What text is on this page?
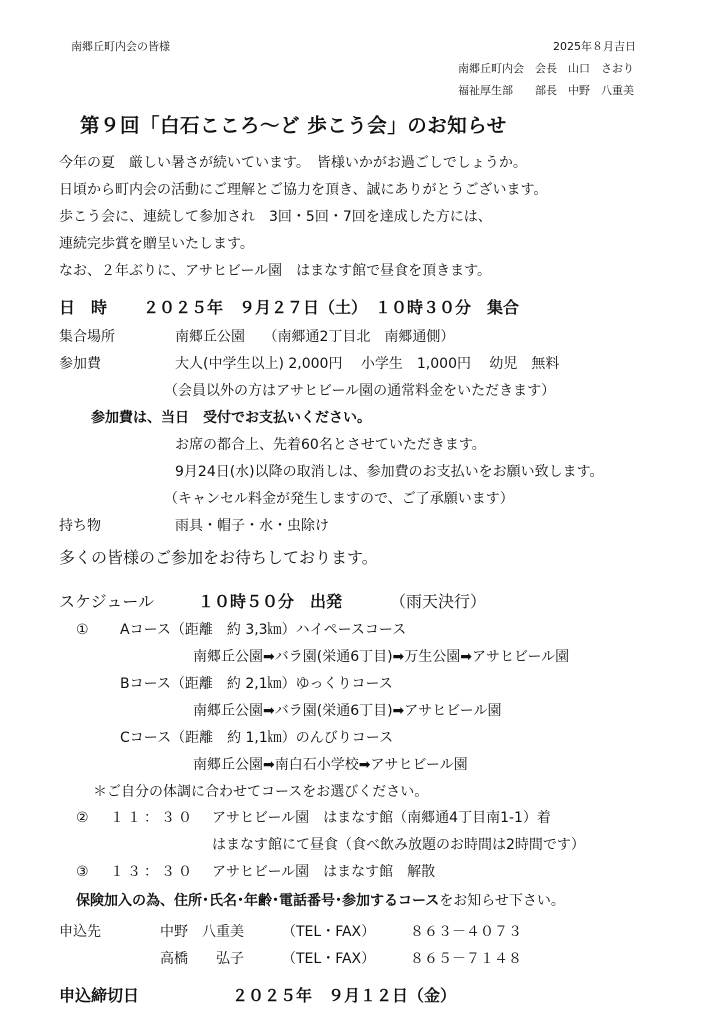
南郷丘町内会の皆様	2025年８月吉日
南郷丘町内会　会長　山口　さおり
福祉厚生部　　部長　中野　八重美
第９回「白石こころ～ど 歩こう会」のお知らせ
今年の夏　厳しい暑さが続いています。　皆様いかがお過ごしでしょうか。
日頃から町内会の活動にご理解とご協力を頂き、誠にありがとうございます。
歩こう会に、連続して参加され　3回・5回・7回を達成した方には、
連続完歩賞を贈呈いたします。
なお、２年ぶりに、アサヒビール園　はまなす館で昼食を頂きます。
日　時 ２０２５年　９月２７日（土）　１０時３０分　集合
集合場所	南郷丘公園　 （南郷通2丁目北　南郷通側）
参加費	大人(中学生以上) 2,000円　 小学生　1,000円　 幼児　無料
（会員以外の方はアサヒビール園の通常料金をいただきます）
参加費は、当日　受付でお支払いください。
お席の都合上、先着60名とさせていただきます。
9月24日(水)以降の取消しは、参加費のお支払いをお願い致します。
（キャンセル料金が発生しますので、ご了承願います）
持ち物	雨具・帽子・水・虫除け
多くの皆様のご参加をお待ちしております。
スケジュール	１０時５０分　出発	（雨天決行）
① Aコース（距離　約 3,3㎞）ハイペースコース
南郷丘公園➡バラ園(栄通6丁目)➡万生公園➡アサヒビール園
Bコース（距離　約 2,1㎞）ゆっくりコース
南郷丘公園➡バラ園(栄通6丁目)➡アサヒビール園
Cコース（距離　約 1,1㎞）のんびりコース
南郷丘公園➡南白石小学校➡アサヒビール園
＊ご自分の体調に合わせてコースをお選びください。
② １１：３０ アサヒビール園　はまなす館（南郷通4丁目南1-1）着
はまなす館にて昼食（食べ飲み放題のお時間は2時間です）
③ １３：３０ アサヒビール園　はまなす館　解散
保険加入の為、住所･氏名･年齢･電話番号･参加するコースをお知らせ下さい。
申込先	中野　八重美	（TEL・FAX） ８６３－４０７３
高橋　　弘子	（TEL・FAX） ８６５－７１４８
申込締切日	２０２５年　９月１２日（金）
